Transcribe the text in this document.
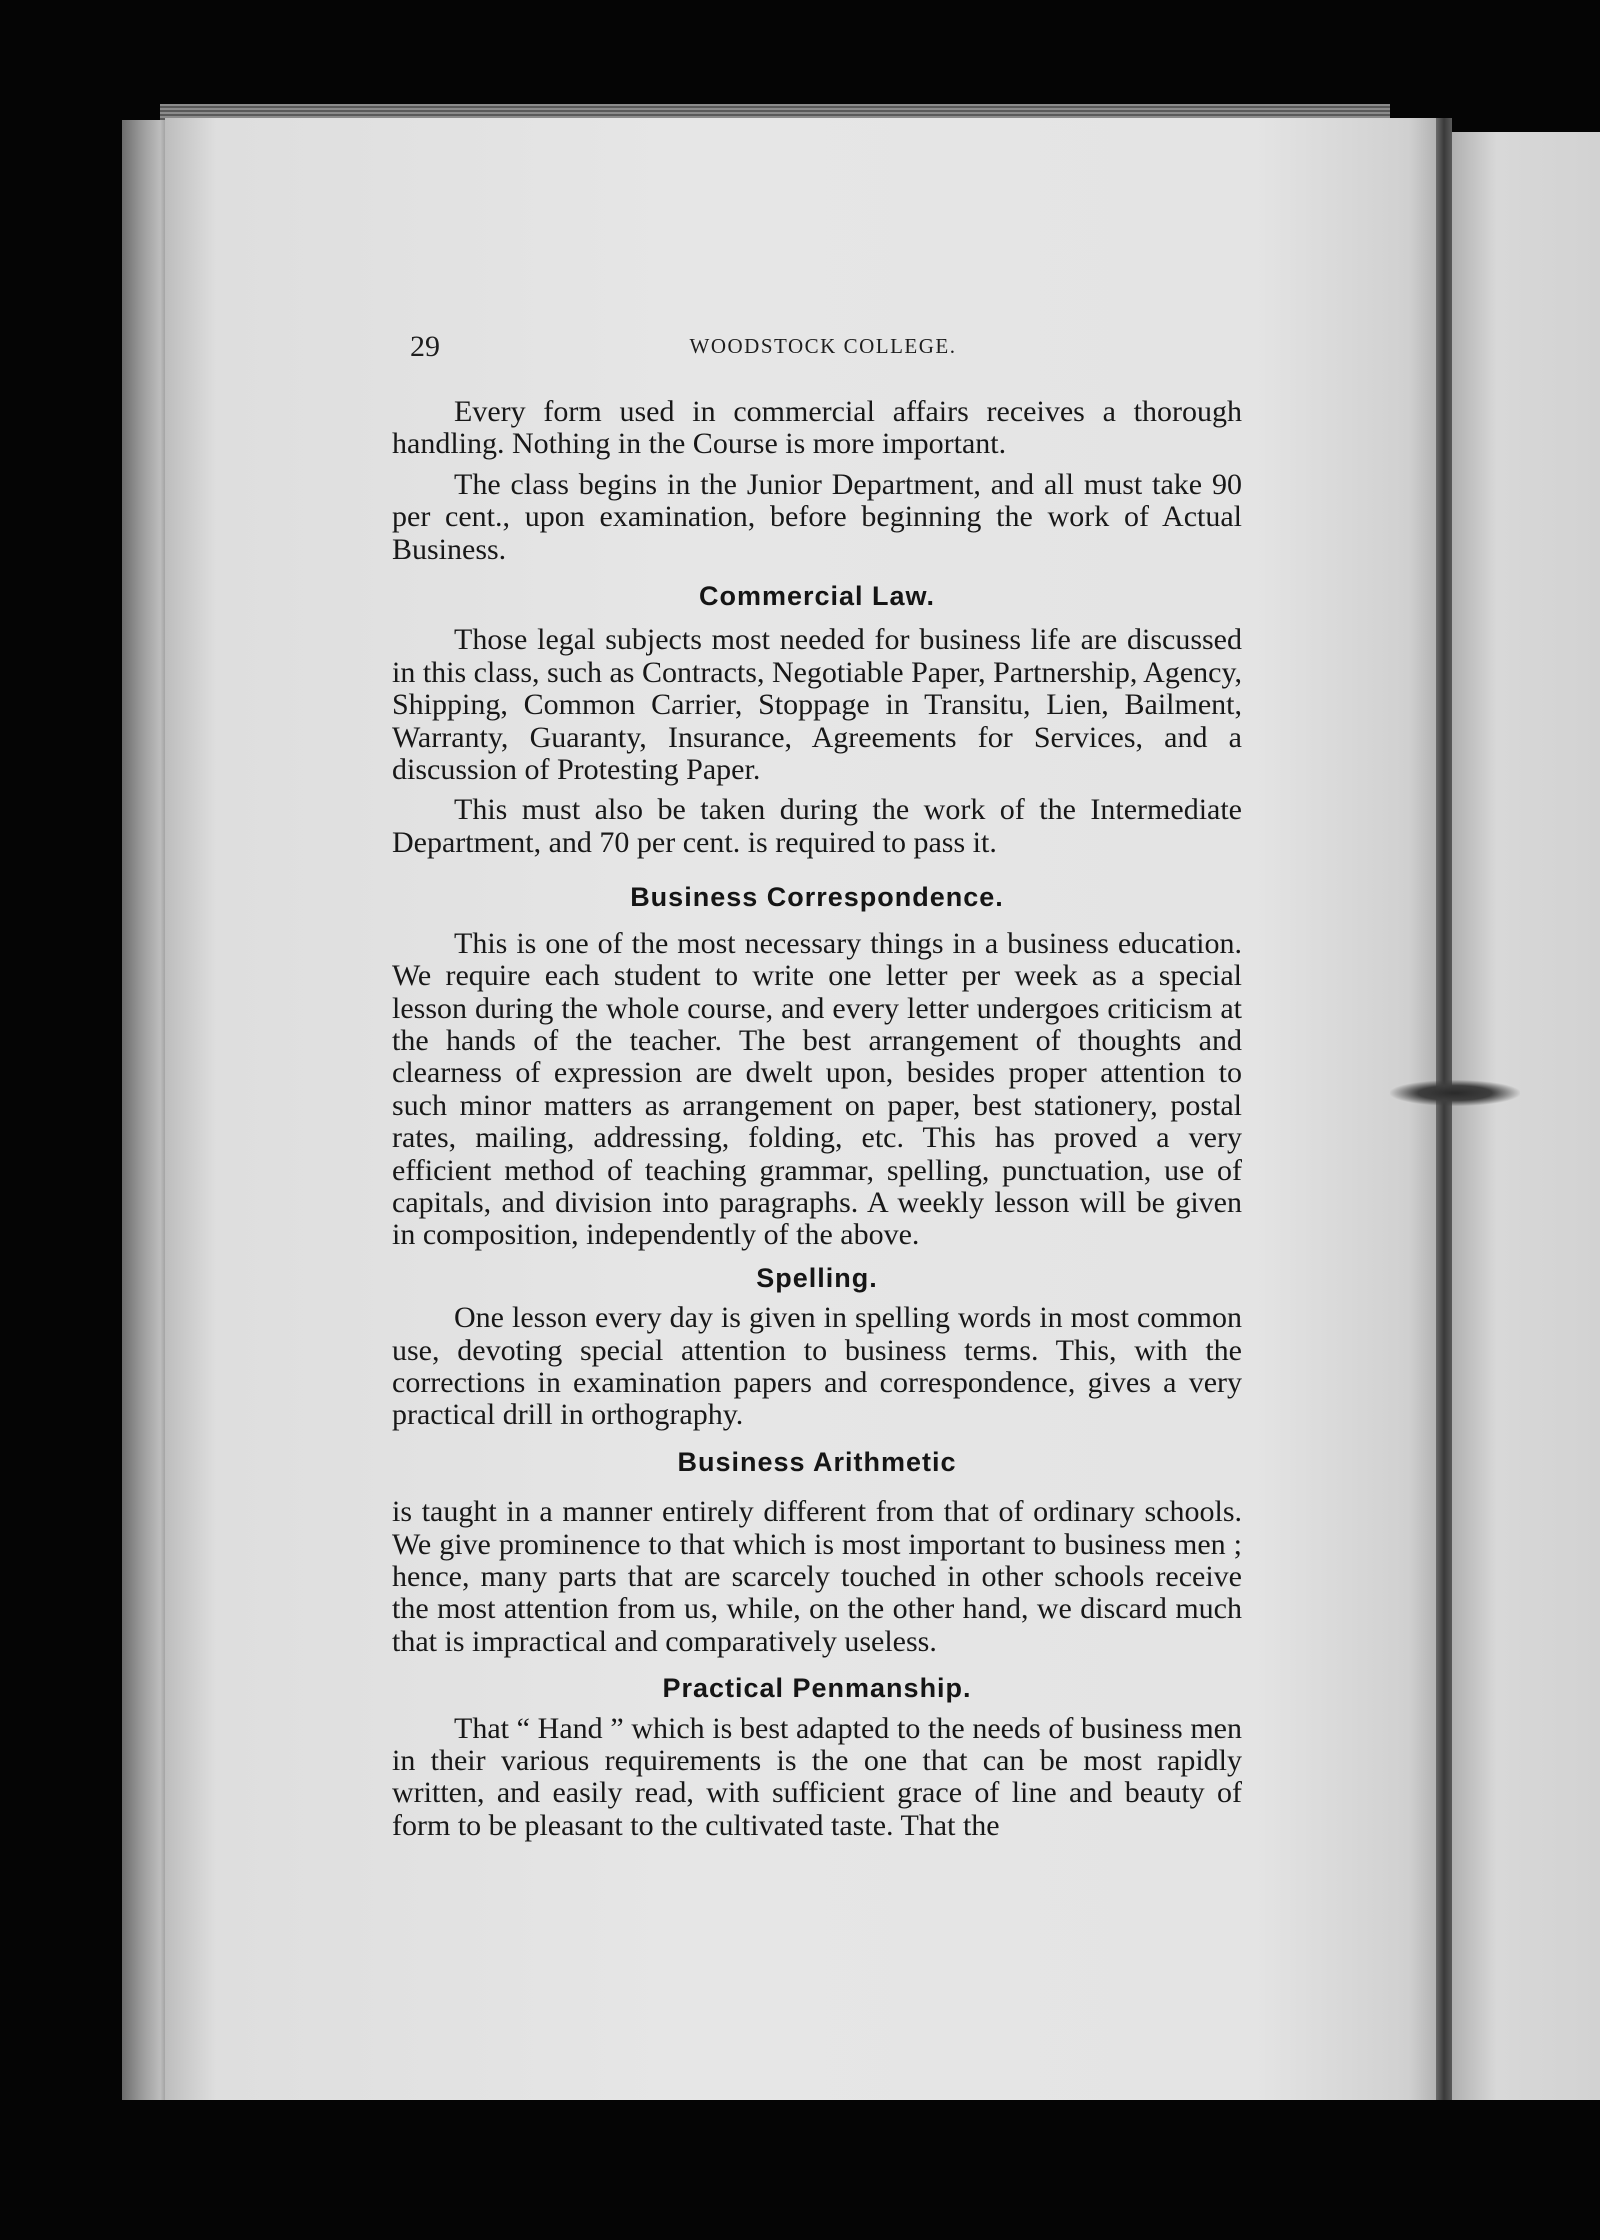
29	WOODSTOCK COLLEGE.

Every form used in commercial affairs receives a thorough handling. Nothing in the Course is more important.

The class begins in the Junior Department, and all must take 90 per cent., upon examination, before beginning the work of Actual Business.

Commercial Law.

Those legal subjects most needed for business life are discussed in this class, such as Contracts, Negotiable Paper, Partnership, Agency, Shipping, Common Carrier, Stoppage in Transitu, Lien, Bailment, Warranty, Guaranty, Insurance, Agreements for Services, and a discussion of Protesting Paper.

This must also be taken during the work of the Intermediate Department, and 70 per cent. is required to pass it.

Business Correspondence.

This is one of the most necessary things in a business education. We require each student to write one letter per week as a special lesson during the whole course, and every letter undergoes criticism at the hands of the teacher. The best arrangement of thoughts and clearness of expression are dwelt upon, besides proper attention to such minor matters as arrangement on paper, best stationery, postal rates, mailing, addressing, folding, etc. This has proved a very efficient method of teaching grammar, spelling, punctuation, use of capitals, and division into paragraphs. A weekly lesson will be given in composition, independently of the above.

Spelling.

One lesson every day is given in spelling words in most common use, devoting special attention to business terms. This, with the corrections in examination papers and correspondence, gives a very practical drill in orthography.

Business Arithmetic

is taught in a manner entirely different from that of ordinary schools. We give prominence to that which is most important to business men ; hence, many parts that are scarcely touched in other schools receive the most attention from us, while, on the other hand, we discard much that is impractical and comparatively useless.

Practical Penmanship.

That “ Hand ” which is best adapted to the needs of business men in their various requirements is the one that can be most rapidly written, and easily read, with sufficient grace of line and beauty of form to be pleasant to the cultivated taste. That the
